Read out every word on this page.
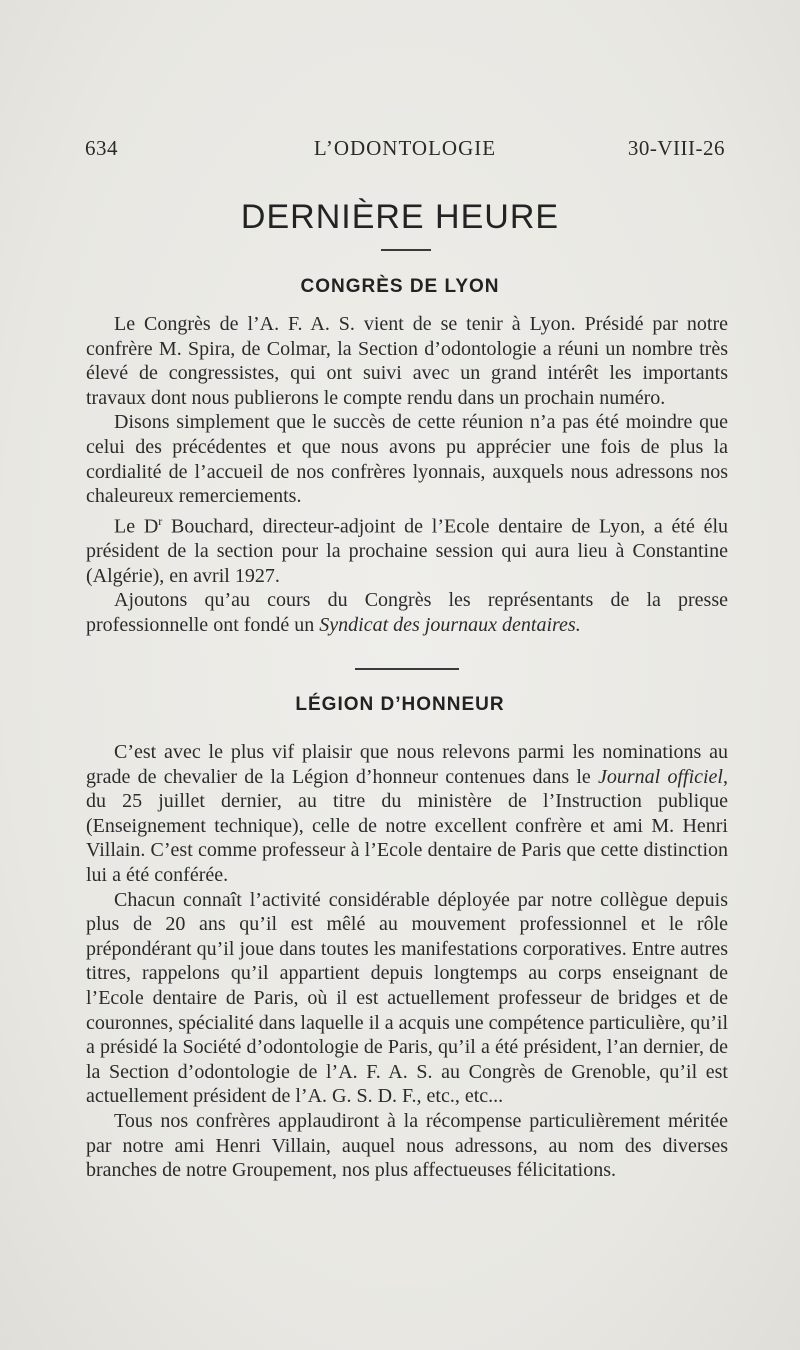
634	L’ODONTOLOGIE	30-VIII-26
DERNIÈRE HEURE
CONGRÈS DE LYON

Le Congrès de l’A. F. A. S. vient de se tenir à Lyon. Présidé par notre confrère M. Spira, de Colmar, la Section d’odontologie a réuni un nombre très élevé de congressistes, qui ont suivi avec un grand intérêt les importants travaux dont nous publierons le compte rendu dans un prochain numéro.

Disons simplement que le succès de cette réunion n’a pas été moindre que celui des précédentes et que nous avons pu apprécier une fois de plus la cordialité de l’accueil de nos confrères lyonnais, auxquels nous adressons nos chaleureux remerciements.

Le $D^r$ Bouchard, directeur-adjoint de l’Ecole dentaire de Lyon, a été élu président de la section pour la prochaine session qui aura lieu à Constantine (Algérie), en avril 1927.

Ajoutons qu’au cours du Congrès les représentants de la presse professionnelle ont fondé un Syndicat des journaux dentaires.

LÉGION D’HONNEUR

C’est avec le plus vif plaisir que nous relevons parmi les nominations au grade de chevalier de la Légion d’honneur contenues dans le Journal officiel, du 25 juillet dernier, au titre du ministère de l’Instruction publique (Enseignement technique), celle de notre excellent confrère et ami M. Henri Villain. C’est comme professeur à l’Ecole dentaire de Paris que cette distinction lui a été conférée.

Chacun connaît l’activité considérable déployée par notre collègue depuis plus de 20 ans qu’il est mêlé au mouvement professionnel et le rôle prépondérant qu’il joue dans toutes les manifestations corporatives. Entre autres titres, rappelons qu’il appartient depuis longtemps au corps enseignant de l’Ecole dentaire de Paris, où il est actuellement professeur de bridges et de couronnes, spécialité dans laquelle il a acquis une compétence particulière, qu’il a présidé la Société d’odontologie de Paris, qu’il a été président, l’an dernier, de la Section d’odontologie de l’A. F. A. S. au Congrès de Grenoble, qu’il est actuellement président de l’A. G. S. D. F., etc., etc...

Tous nos confrères applaudiront à la récompense particulièrement méritée par notre ami Henri Villain, auquel nous adressons, au nom des diverses branches de notre Groupement, nos plus affectueuses félicitations.
